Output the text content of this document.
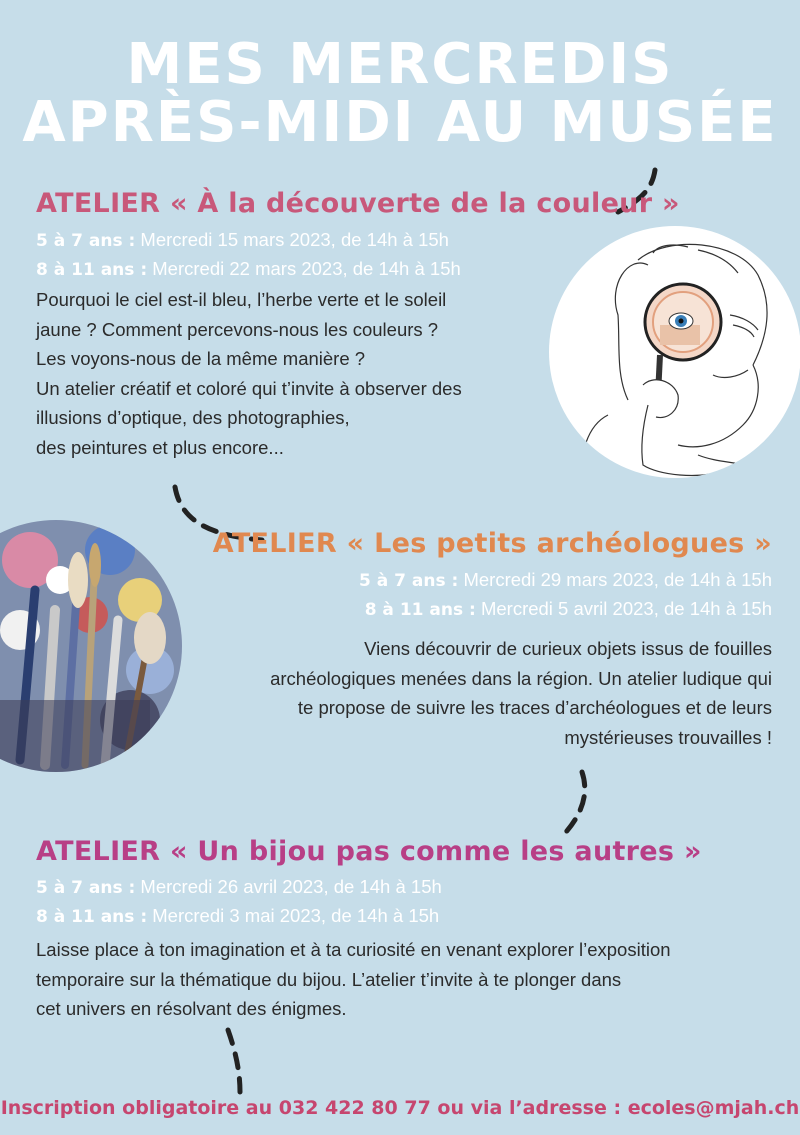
MES MERCREDIS
APRÈS-MIDI AU MUSÉE
ATELIER « À la découverte de la couleur »
5 à 7 ans : Mercredi 15 mars 2023, de 14h à 15h
8 à 11 ans : Mercredi 22 mars 2023, de 14h à 15h
Pourquoi le ciel est-il bleu, l’herbe verte et le soleil
jaune ? Comment percevons-nous les couleurs ?
Les voyons-nous de la même manière ?
Un atelier créatif et coloré qui t’invite à observer des
illusions d’optique, des photographies,
des peintures et plus encore...
ATELIER « Les petits archéologues »
5 à 7 ans : Mercredi 29 mars 2023, de 14h à 15h
8 à 11 ans : Mercredi 5 avril 2023, de 14h à 15h
Viens découvrir de curieux objets issus de fouilles
archéologiques menées dans la région. Un atelier ludique qui
te propose de suivre les traces d’archéologues et de leurs
mystérieuses trouvailles !
ATELIER « Un bijou pas comme les autres »
5 à 7 ans : Mercredi 26 avril 2023, de 14h à 15h
8 à 11 ans : Mercredi 3 mai 2023, de 14h à 15h
Laisse place à ton imagination et à ta curiosité en venant explorer l’exposition
temporaire sur la thématique du bijou. L’atelier t’invite à te plonger dans
cet univers en résolvant des énigmes.
Inscription obligatoire au 032 422 80 77 ou via l’adresse : ecoles@mjah.ch
